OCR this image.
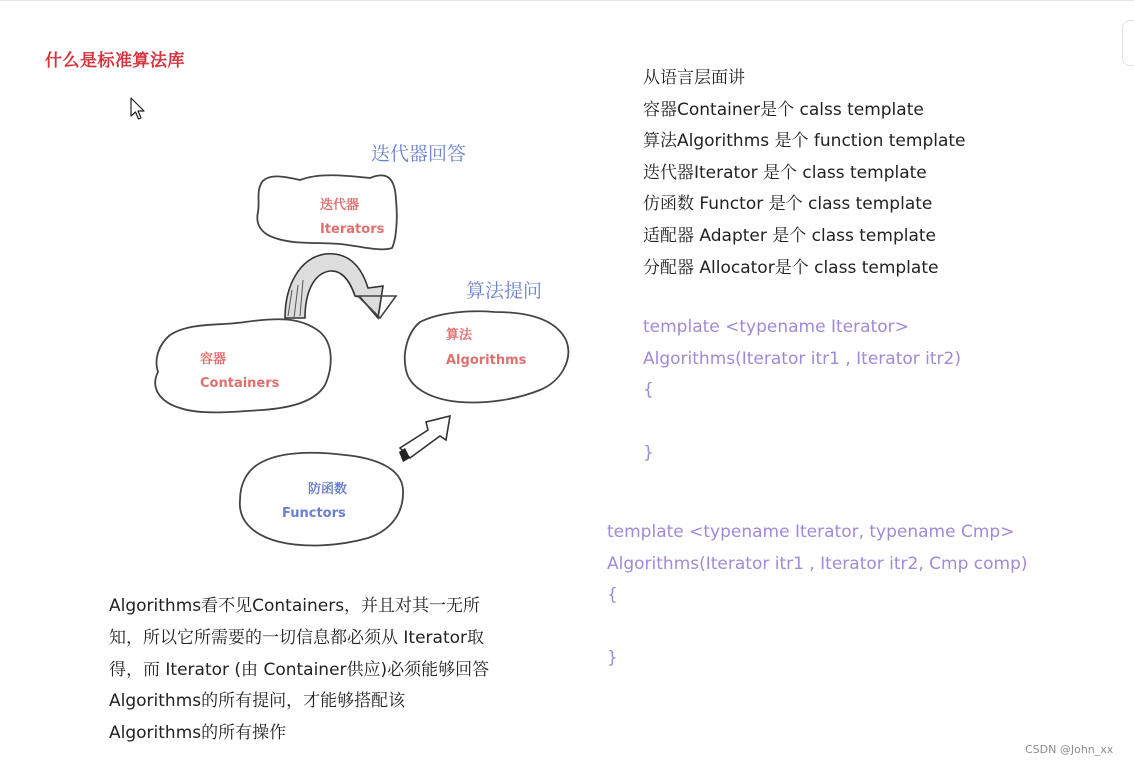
什么是标准算法库
迭代器
Iterators
容器
Containers
算法
Algorithms
防函数
Functors
迭代器回答
算法提问
Algorithms看不见Containers，并且对其一无所
知，所以它所需要的一切信息都必须从 Iterator取
得，而 Iterator (由 Container供应)必须能够回答
Algorithms的所有提问，才能够搭配该
Algorithms的所有操作
从语言层面讲
容器Container是个 calss template
算法Algorithms 是个 function template
迭代器Iterator 是个 class template
仿函数 Functor 是个 class template
适配器 Adapter 是个 class template
分配器 Allocator是个 class template
template <typename Iterator>
Algorithms(Iterator itr1 , Iterator itr2)
{
}
template <typename Iterator, typename Cmp>
Algorithms(Iterator itr1 , Iterator itr2, Cmp comp)
{
}
CSDN @John_xx
